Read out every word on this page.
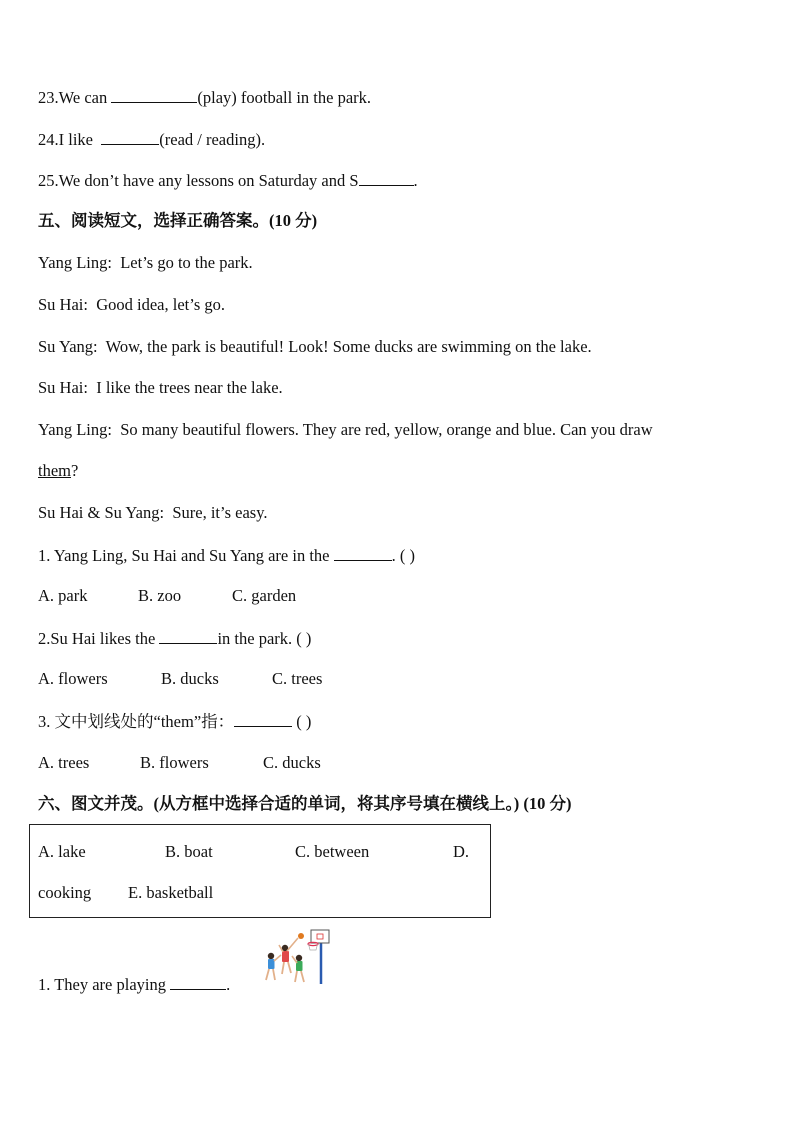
23.We can	(play) football in the park.
24.I like	(read / reading).
25.We don’t have any lessons on Saturday and S	.
五、阅读短文，选择正确答案。(10 分)
Yang Ling: Let’s go to the park.
Su Hai: Good idea, let’s go.
Su Yang: Wow, the park is beautiful! Look! Some ducks are swimming on the lake.
Su Hai: I like the trees near the lake.
Yang Ling: So many beautiful flowers. They are red, yellow, orange and blue. Can you draw
them?
Su Hai & Su Yang: Sure, it’s easy.
1. Yang Ling, Su Hai and Su Yang are in the	. ( )
A. park	B. zoo	C. garden
2.Su Hai likes the	in the park. ( )
A. flowers	B. ducks	C. trees
3. 文中划线处的“them”指：	( )
A. trees	B. flowers	C. ducks
六、图文并茂。(从方框中选择合适的单词，将其序号填在横线上。) (10 分)
A. lake	B. boat	C. between	D.
cooking E. basketball
1. They are playing	.
